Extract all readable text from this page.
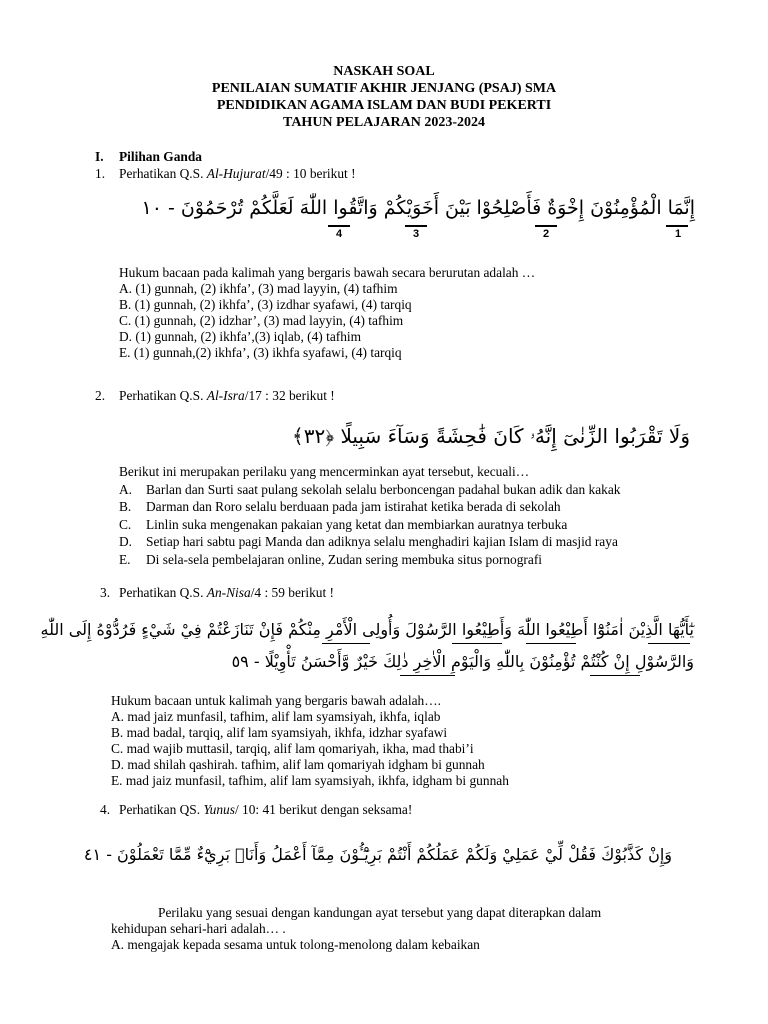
NASKAH SOAL
PENILAIAN SUMATIF AKHIR JENJANG (PSAJ) SMA
PENDIDIKAN AGAMA ISLAM DAN BUDI PEKERTI
TAHUN PELAJARAN 2023-2024
I. Pilihan Ganda
1. Perhatikan Q.S. Al-Hujurat/49 : 10 berikut !
إِنَّمَا الْمُؤْمِنُوْنَ إِخْوَةٌ فَأَصْلِحُوْا بَيْنَ أَخَوَيْكُمْ وَاتَّقُوا اللّٰهَ لَعَلَّكُمْ تُرْحَمُوْنَ - ١٠
1
2
3
4
Hukum bacaan pada kalimah yang bergaris bawah secara berurutan adalah …
A. (1) gunnah, (2) ikhfa’, (3) mad layyin, (4) tafhim
B. (1) gunnah, (2) ikhfa’, (3) izdhar syafawi, (4) tarqiq
C. (1) gunnah, (2) idzhar’, (3) mad layyin, (4) tafhim
D. (1) gunnah, (2) ikhfa’,(3) iqlab, (4) tafhim
E. (1) gunnah,(2) ikhfa’, (3) ikhfa syafawi, (4) tarqiq
2. Perhatikan Q.S. Al-Isra/17 : 32 berikut !
وَلَا تَقْرَبُوا الزِّنٰىٓ إِنَّهُۥ كَانَ فَٰحِشَةً وَسَآءَ سَبِيلًا ﴿٣٢﴾
Berikut ini merupakan perilaku yang mencerminkan ayat tersebut, kecuali…
A. Barlan dan Surti saat pulang sekolah selalu berboncengan padahal bukan adik dan kakak
B. Darman dan Roro selalu berduaan pada jam istirahat ketika berada di sekolah
C. Linlin suka mengenakan pakaian yang ketat dan membiarkan auratnya terbuka
D. Setiap hari sabtu pagi Manda dan adiknya selalu menghadiri kajian Islam di masjid raya
E. Di sela-sela pembelajaran online, Zudan sering membuka situs pornografi
3. Perhatikan Q.S. An-Nisa/4 : 59 berikut !
يٰٓأَيُّهَا الَّذِيْنَ اٰمَنُوْٓا أَطِيْعُوا اللّٰهَ وَأَطِيْعُوا الرَّسُوْلَ وَأُولِى الْأَمْرِ مِنْكُمْ فَإِنْ تَنَازَعْتُمْ فِيْ شَيْءٍ فَرُدُّوْهُ إِلَى اللّٰهِ
وَالرَّسُوْلِ إِنْ كُنْتُمْ تُؤْمِنُوْنَ بِاللّٰهِ وَالْيَوْمِ الْاٰخِرِ ذٰلِكَ خَيْرٌ وَّأَحْسَنُ تَأْوِيْلًا - ٥٩
Hukum bacaan untuk kalimah yang bergaris bawah adalah….
A. mad jaiz munfasil, tafhim, alif lam syamsiyah, ikhfa, iqlab
B. mad badal, tarqiq, alif lam syamsiyah, ikhfa, idzhar syafawi
C. mad wajib muttasil, tarqiq, alif lam qomariyah, ikha, mad thabi’i
D. mad shilah qashirah. tafhim, alif lam qomariyah idgham bi gunnah
E. mad jaiz munfasil, tafhim, alif lam syamsiyah, ikhfa, idgham bi gunnah
4. Perhatikan QS. Yunus/ 10: 41 berikut dengan seksama!
وَإِنْ كَذَّبُوْكَ فَقُلْ لِّيْ عَمَلِيْ وَلَكُمْ عَمَلُكُمْ أَنْتُمْ بَرِيْٓـُٔوْنَ مِمَّآ أَعْمَلُ وَأَنَا۠ بَرِيْٓءٌ مِّمَّا تَعْمَلُوْنَ - ٤١
Perilaku yang sesuai dengan kandungan ayat tersebut yang dapat diterapkan dalam
kehidupan sehari-hari adalah… .
A. mengajak kepada sesama untuk tolong-menolong dalam kebaikan
